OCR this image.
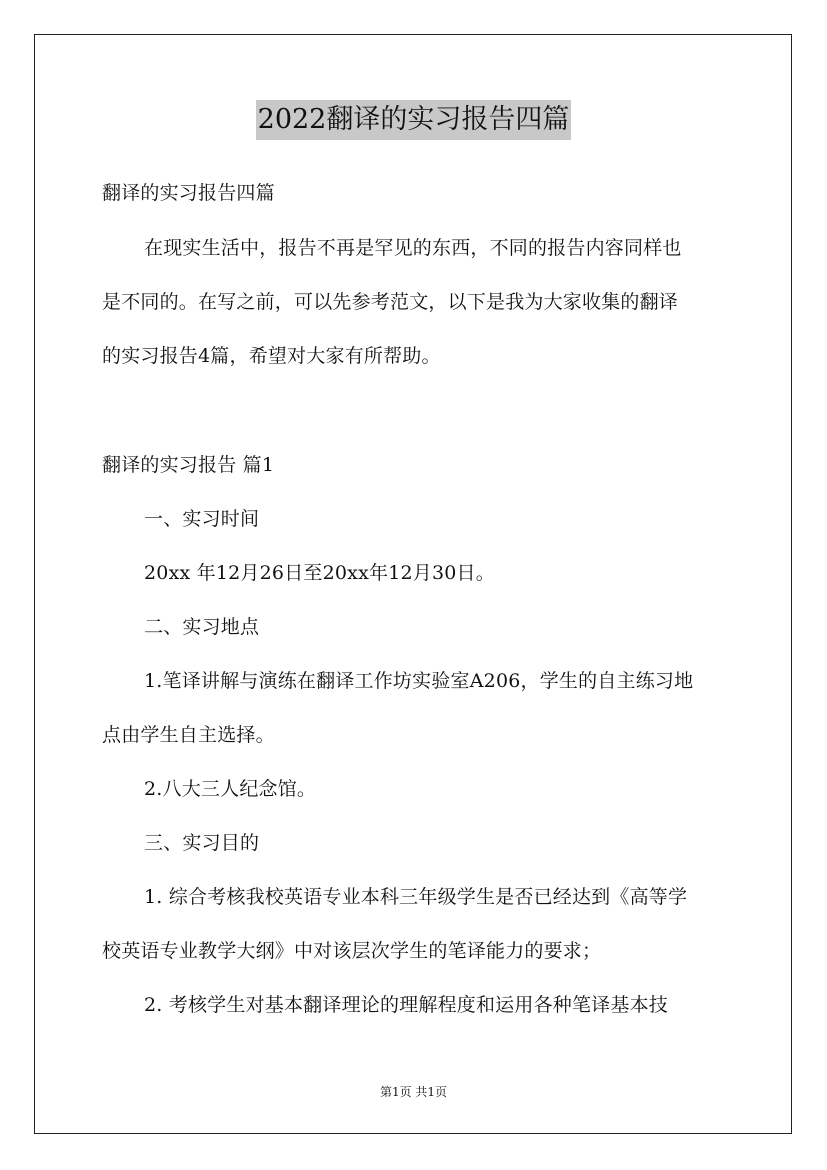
2022翻译的实习报告四篇
翻译的实习报告四篇
在现实生活中，报告不再是罕见的东西，不同的报告内容同样也
是不同的。在写之前，可以先参考范文，以下是我为大家收集的翻译
的实习报告4篇，希望对大家有所帮助。
翻译的实习报告 篇1
一、实习时间
20xx 年12月26日至20xx年12月30日。
二、实习地点
1.笔译讲解与演练在翻译工作坊实验室A206，学生的自主练习地
点由学生自主选择。
2.八大三人纪念馆。
三、实习目的
1. 综合考核我校英语专业本科三年级学生是否已经达到《高等学
校英语专业教学大纲》中对该层次学生的笔译能力的要求；
2. 考核学生对基本翻译理论的理解程度和运用各种笔译基本技
第1页 共1页
